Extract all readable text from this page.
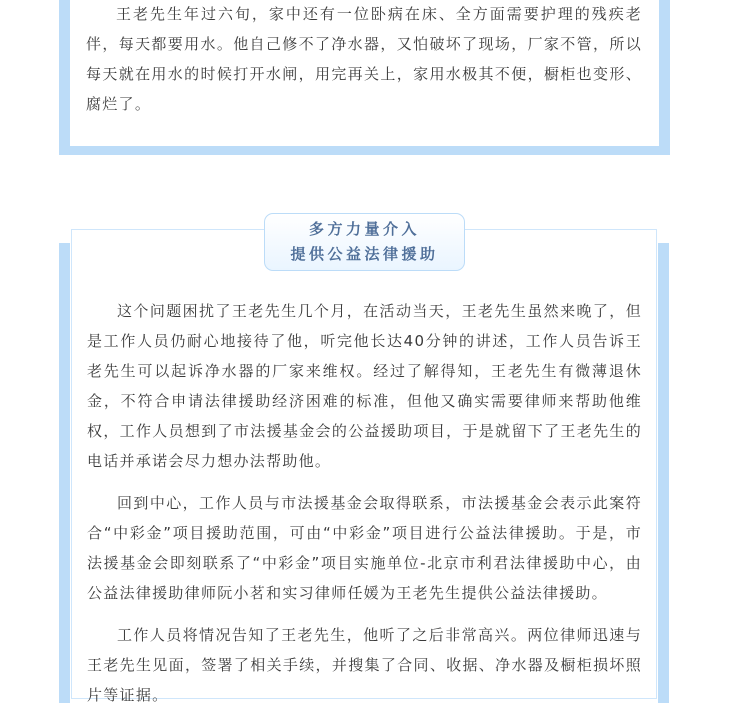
王老先生年过六旬，家中还有一位卧病在床、全方面需要护理的残疾老伴，每天都要用水。他自己修不了净水器，又怕破坏了现场，厂家不管，所以每天就在用水的时候打开水闸，用完再关上，家用水极其不便，橱柜也变形、腐烂了。

多方力量介入
提供公益法律援助

这个问题困扰了王老先生几个月，在活动当天，王老先生虽然来晚了，但是工作人员仍耐心地接待了他，听完他长达40分钟的讲述，工作人员告诉王老先生可以起诉净水器的厂家来维权。经过了解得知，王老先生有微薄退休金，不符合申请法律援助经济困难的标准，但他又确实需要律师来帮助他维权，工作人员想到了市法援基金会的公益援助项目，于是就留下了王老先生的电话并承诺会尽力想办法帮助他。

回到中心，工作人员与市法援基金会取得联系，市法援基金会表示此案符合“中彩金”项目援助范围，可由“中彩金”项目进行公益法律援助。于是，市法援基金会即刻联系了“中彩金”项目实施单位-北京市利君法律援助中心，由公益法律援助律师阮小茗和实习律师任媛为王老先生提供公益法律援助。

工作人员将情况告知了王老先生，他听了之后非常高兴。两位律师迅速与王老先生见面，签署了相关手续，并搜集了合同、收据、净水器及橱柜损坏照片等证据。
